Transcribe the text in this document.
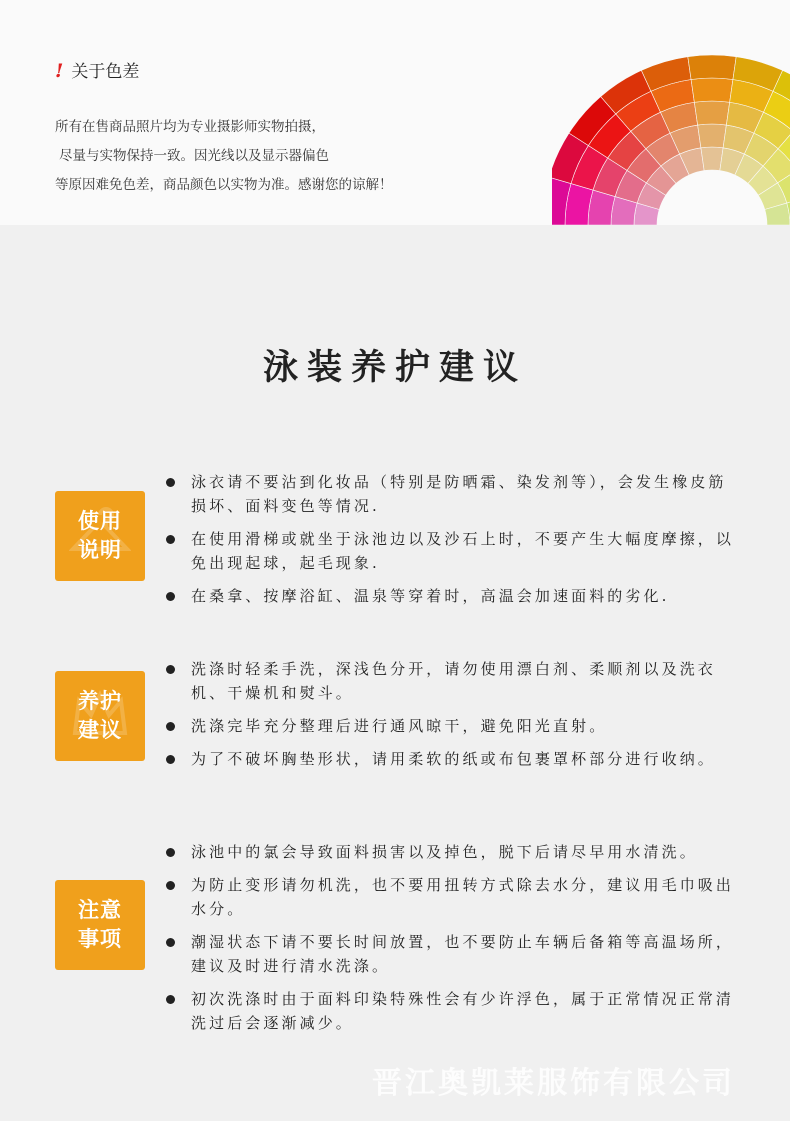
! 关于色差
所有在售商品照片均为专业摄影师实物拍摄，
尽量与实物保持一致。因光线以及显示器偏色
等原因难免色差，商品颜色以实物为准。感谢您的谅解！
泳装养护建议
使用
说明
泳衣请不要沾到化妆品（特别是防晒霜、染发剂等），会发生橡皮筋损坏、面料变色等情况.
在使用滑梯或就坐于泳池边以及沙石上时，不要产生大幅度摩擦，以免出现起球，起毛现象.
在桑拿、按摩浴缸、温泉等穿着时，高温会加速面料的劣化.
养护
建议
洗涤时轻柔手洗，深浅色分开，请勿使用漂白剂、柔顺剂以及洗衣机、干燥机和熨斗。
洗涤完毕充分整理后进行通风晾干，避免阳光直射。
为了不破坏胸垫形状，请用柔软的纸或布包裹罩杯部分进行收纳。
注意
事项
泳池中的氯会导致面料损害以及掉色，脱下后请尽早用水清洗。
为防止变形请勿机洗，也不要用扭转方式除去水分，建议用毛巾吸出水分。
潮湿状态下请不要长时间放置，也不要防止车辆后备箱等高温场所，建议及时进行清水洗涤。
初次洗涤时由于面料印染特殊性会有少许浮色，属于正常情况正常清洗过后会逐渐减少。
晋江奥凯莱服饰有限公司
